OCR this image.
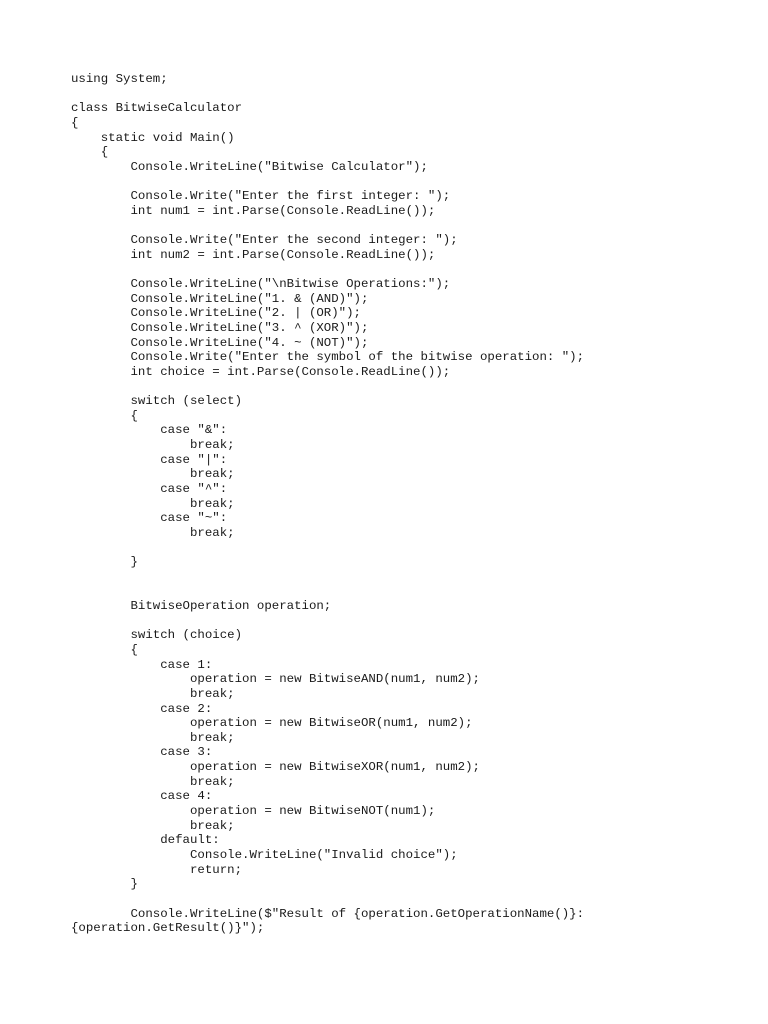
using System;
class BitwiseCalculator
{
static void Main()
{
Console.WriteLine("Bitwise Calculator");
Console.Write("Enter the first integer: ");
int num1 = int.Parse(Console.ReadLine());
Console.Write("Enter the second integer: ");
int num2 = int.Parse(Console.ReadLine());
Console.WriteLine("\nBitwise Operations:");
Console.WriteLine("1. & (AND)");
Console.WriteLine("2. | (OR)");
Console.WriteLine("3. ^ (XOR)");
Console.WriteLine("4. ~ (NOT)");
Console.Write("Enter the symbol of the bitwise operation: ");
int choice = int.Parse(Console.ReadLine());
switch (select)
{
case "&":
break;
case "|":
break;
case "^":
break;
case "~":
break;
}
BitwiseOperation operation;
switch (choice)
{
case 1:
operation = new BitwiseAND(num1, num2);
break;
case 2:
operation = new BitwiseOR(num1, num2);
break;
case 3:
operation = new BitwiseXOR(num1, num2);
break;
case 4:
operation = new BitwiseNOT(num1);
break;
default:
Console.WriteLine("Invalid choice");
return;
}
Console.WriteLine($"Result of {operation.GetOperationName()}:
{operation.GetResult()}");
